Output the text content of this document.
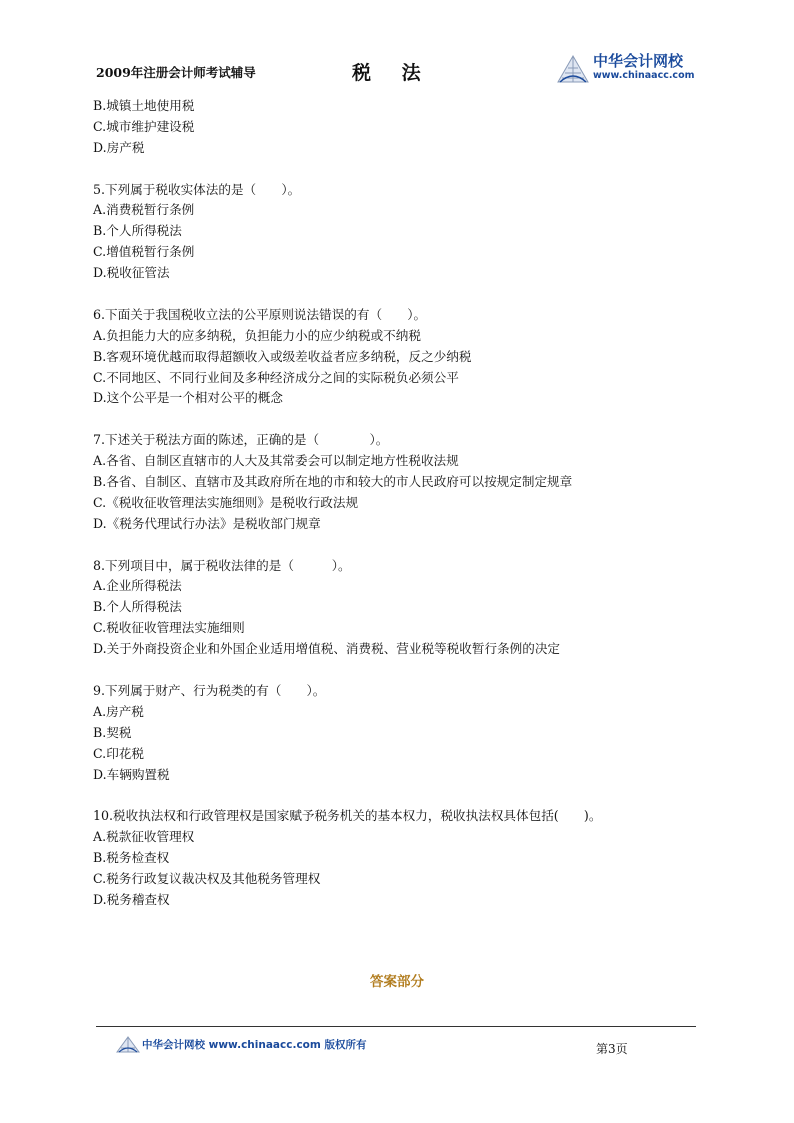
2009年注册会计师考试辅导	税 法
中华会计网校
www.chinaacc.com
B.城镇土地使用税
C.城市维护建设税
D.房产税
5.下列属于税收实体法的是（　　）。
A.消费税暂行条例
B.个人所得税法
C.增值税暂行条例
D.税收征管法
6.下面关于我国税收立法的公平原则说法错误的有（　　）。
A.负担能力大的应多纳税，负担能力小的应少纳税或不纳税
B.客观环境优越而取得超额收入或级差收益者应多纳税，反之少纳税
C.不同地区、不同行业间及多种经济成分之间的实际税负必须公平
D.这个公平是一个相对公平的概念
7.下述关于税法方面的陈述，正确的是（　　　　）。
A.各省、自制区直辖市的人大及其常委会可以制定地方性税收法规
B.各省、自制区、直辖市及其政府所在地的市和较大的市人民政府可以按规定制定规章
C.《税收征收管理法实施细则》是税收行政法规
D.《税务代理试行办法》是税收部门规章
8.下列项目中，属于税收法律的是（　　　）。
A.企业所得税法
B.个人所得税法
C.税收征收管理法实施细则
D.关于外商投资企业和外国企业适用增值税、消费税、营业税等税收暂行条例的决定
9.下列属于财产、行为税类的有（　　）。
A.房产税
B.契税
C.印花税
D.车辆购置税
10.税收执法权和行政管理权是国家赋予税务机关的基本权力，税收执法权具体包括(　　)。
A.税款征收管理权
B.税务检查权
C.税务行政复议裁决权及其他税务管理权
D.税务稽查权
答案部分
中华会计网校 www.chinaacc.com 版权所有	第3页
